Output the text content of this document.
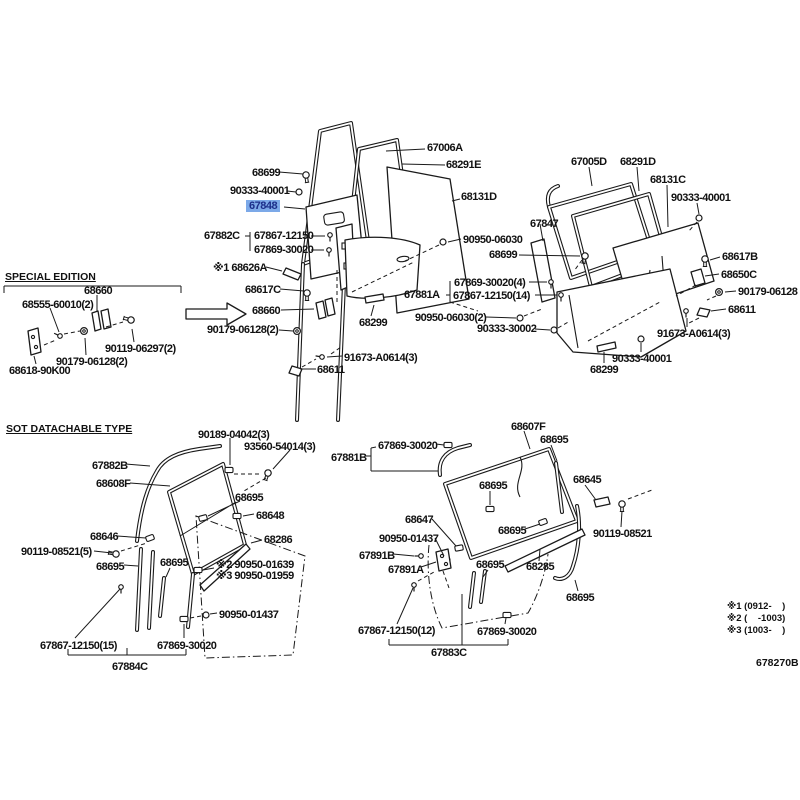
67006A
68291E
68131D
68699
90333-40001
67848
67882C 67867-12150
67869-30020
※1 68626A
90950-06030
68699
67847
67881A
67869-30020(4)
67867-12150(14)
90950-06030(2)
90333-30002
68617C
68660
90179-06128(2)
68299
91673-A0614(3)
68611
67005D 68291D
68131C
90333-40001
68617B
68650C
90179-06128
68611
91673-A0614(3)
90333-40001
68299
SPECIAL EDITION
68660
68555-60010(2)
90119-06297(2)
90179-06128(2)
68618-90K00
SOT DATACHABLE TYPE	90189-04042(3)
93560-54014(3)
67882B
68608F
68695
68648
68646	68286
90119-08521(5)
68695	68695	※2 90950-01639
※3 90950-01959
90950-01437
67867-12150(15)	67869-30020
67884C
67869-30020
67881B
68607F
68695
68695	68645
68647
90950-01437
67891B
68695
67891A	68695 68285
68695
90119-08521
67867-12150(12)	67869-30020
67883C
※1 (0912-    )
※2 (    -1003)
※3 (1003-    )
678270B
